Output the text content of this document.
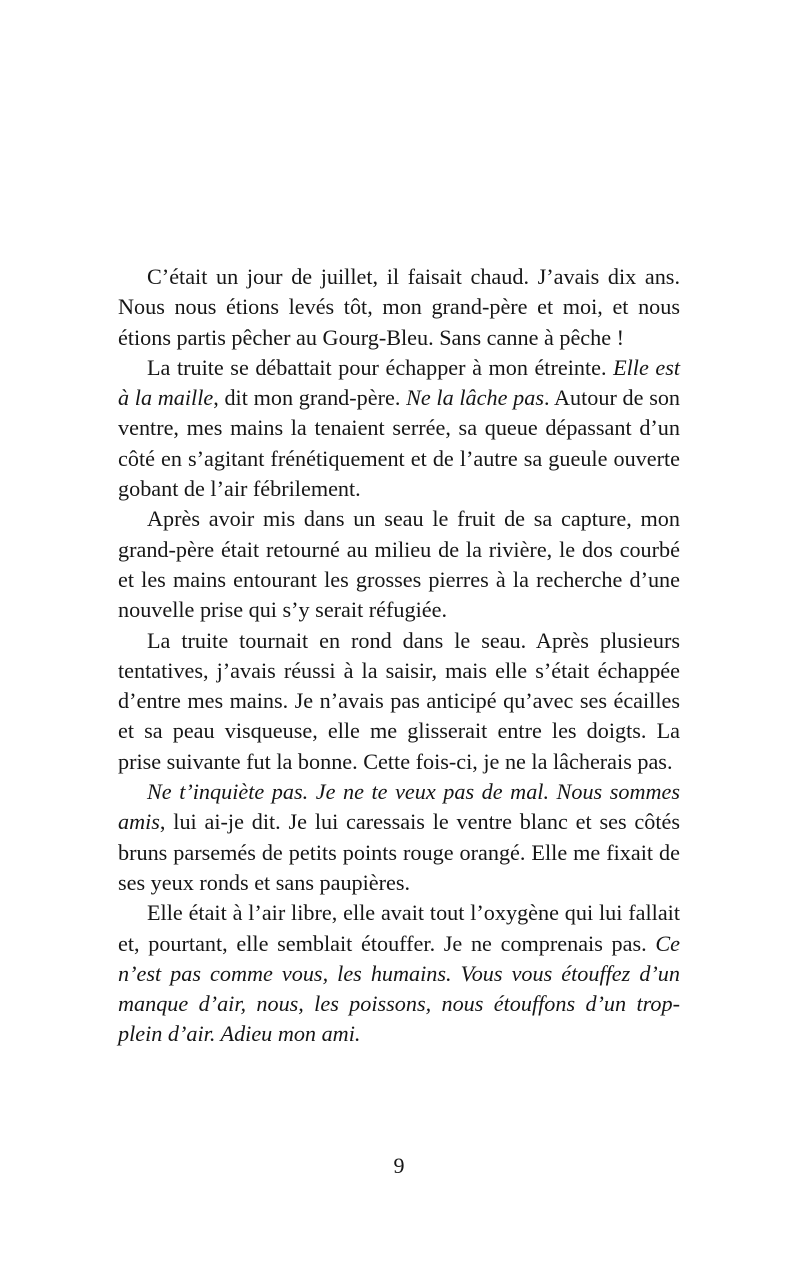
C’était un jour de juillet, il faisait chaud. J’avais dix ans. Nous nous étions levés tôt, mon grand-père et moi, et nous étions partis pêcher au Gourg-Bleu. Sans canne à pêche !

La truite se débattait pour échapper à mon étreinte. Elle est à la maille, dit mon grand-père. Ne la lâche pas. Autour de son ventre, mes mains la tenaient serrée, sa queue dépassant d’un côté en s’agitant frénétiquement et de l’autre sa gueule ouverte gobant de l’air fébrilement.

Après avoir mis dans un seau le fruit de sa capture, mon grand-père était retourné au milieu de la rivière, le dos courbé et les mains entourant les grosses pierres à la recherche d’une nouvelle prise qui s’y serait réfugiée.

La truite tournait en rond dans le seau. Après plusieurs tentatives, j’avais réussi à la saisir, mais elle s’était échappée d’entre mes mains. Je n’avais pas anticipé qu’avec ses écailles et sa peau visqueuse, elle me glisserait entre les doigts. La prise suivante fut la bonne. Cette fois-ci, je ne la lâcherais pas.

Ne t’inquiète pas. Je ne te veux pas de mal. Nous sommes amis, lui ai-je dit. Je lui caressais le ventre blanc et ses côtés bruns parsemés de petits points rouge orangé. Elle me fixait de ses yeux ronds et sans paupières.

Elle était à l’air libre, elle avait tout l’oxygène qui lui fallait et, pourtant, elle semblait étouffer. Je ne comprenais pas. Ce n’est pas comme vous, les humains. Vous vous étouffez d’un manque d’air, nous, les poissons, nous étouffons d’un trop-plein d’air. Adieu mon ami.

9
